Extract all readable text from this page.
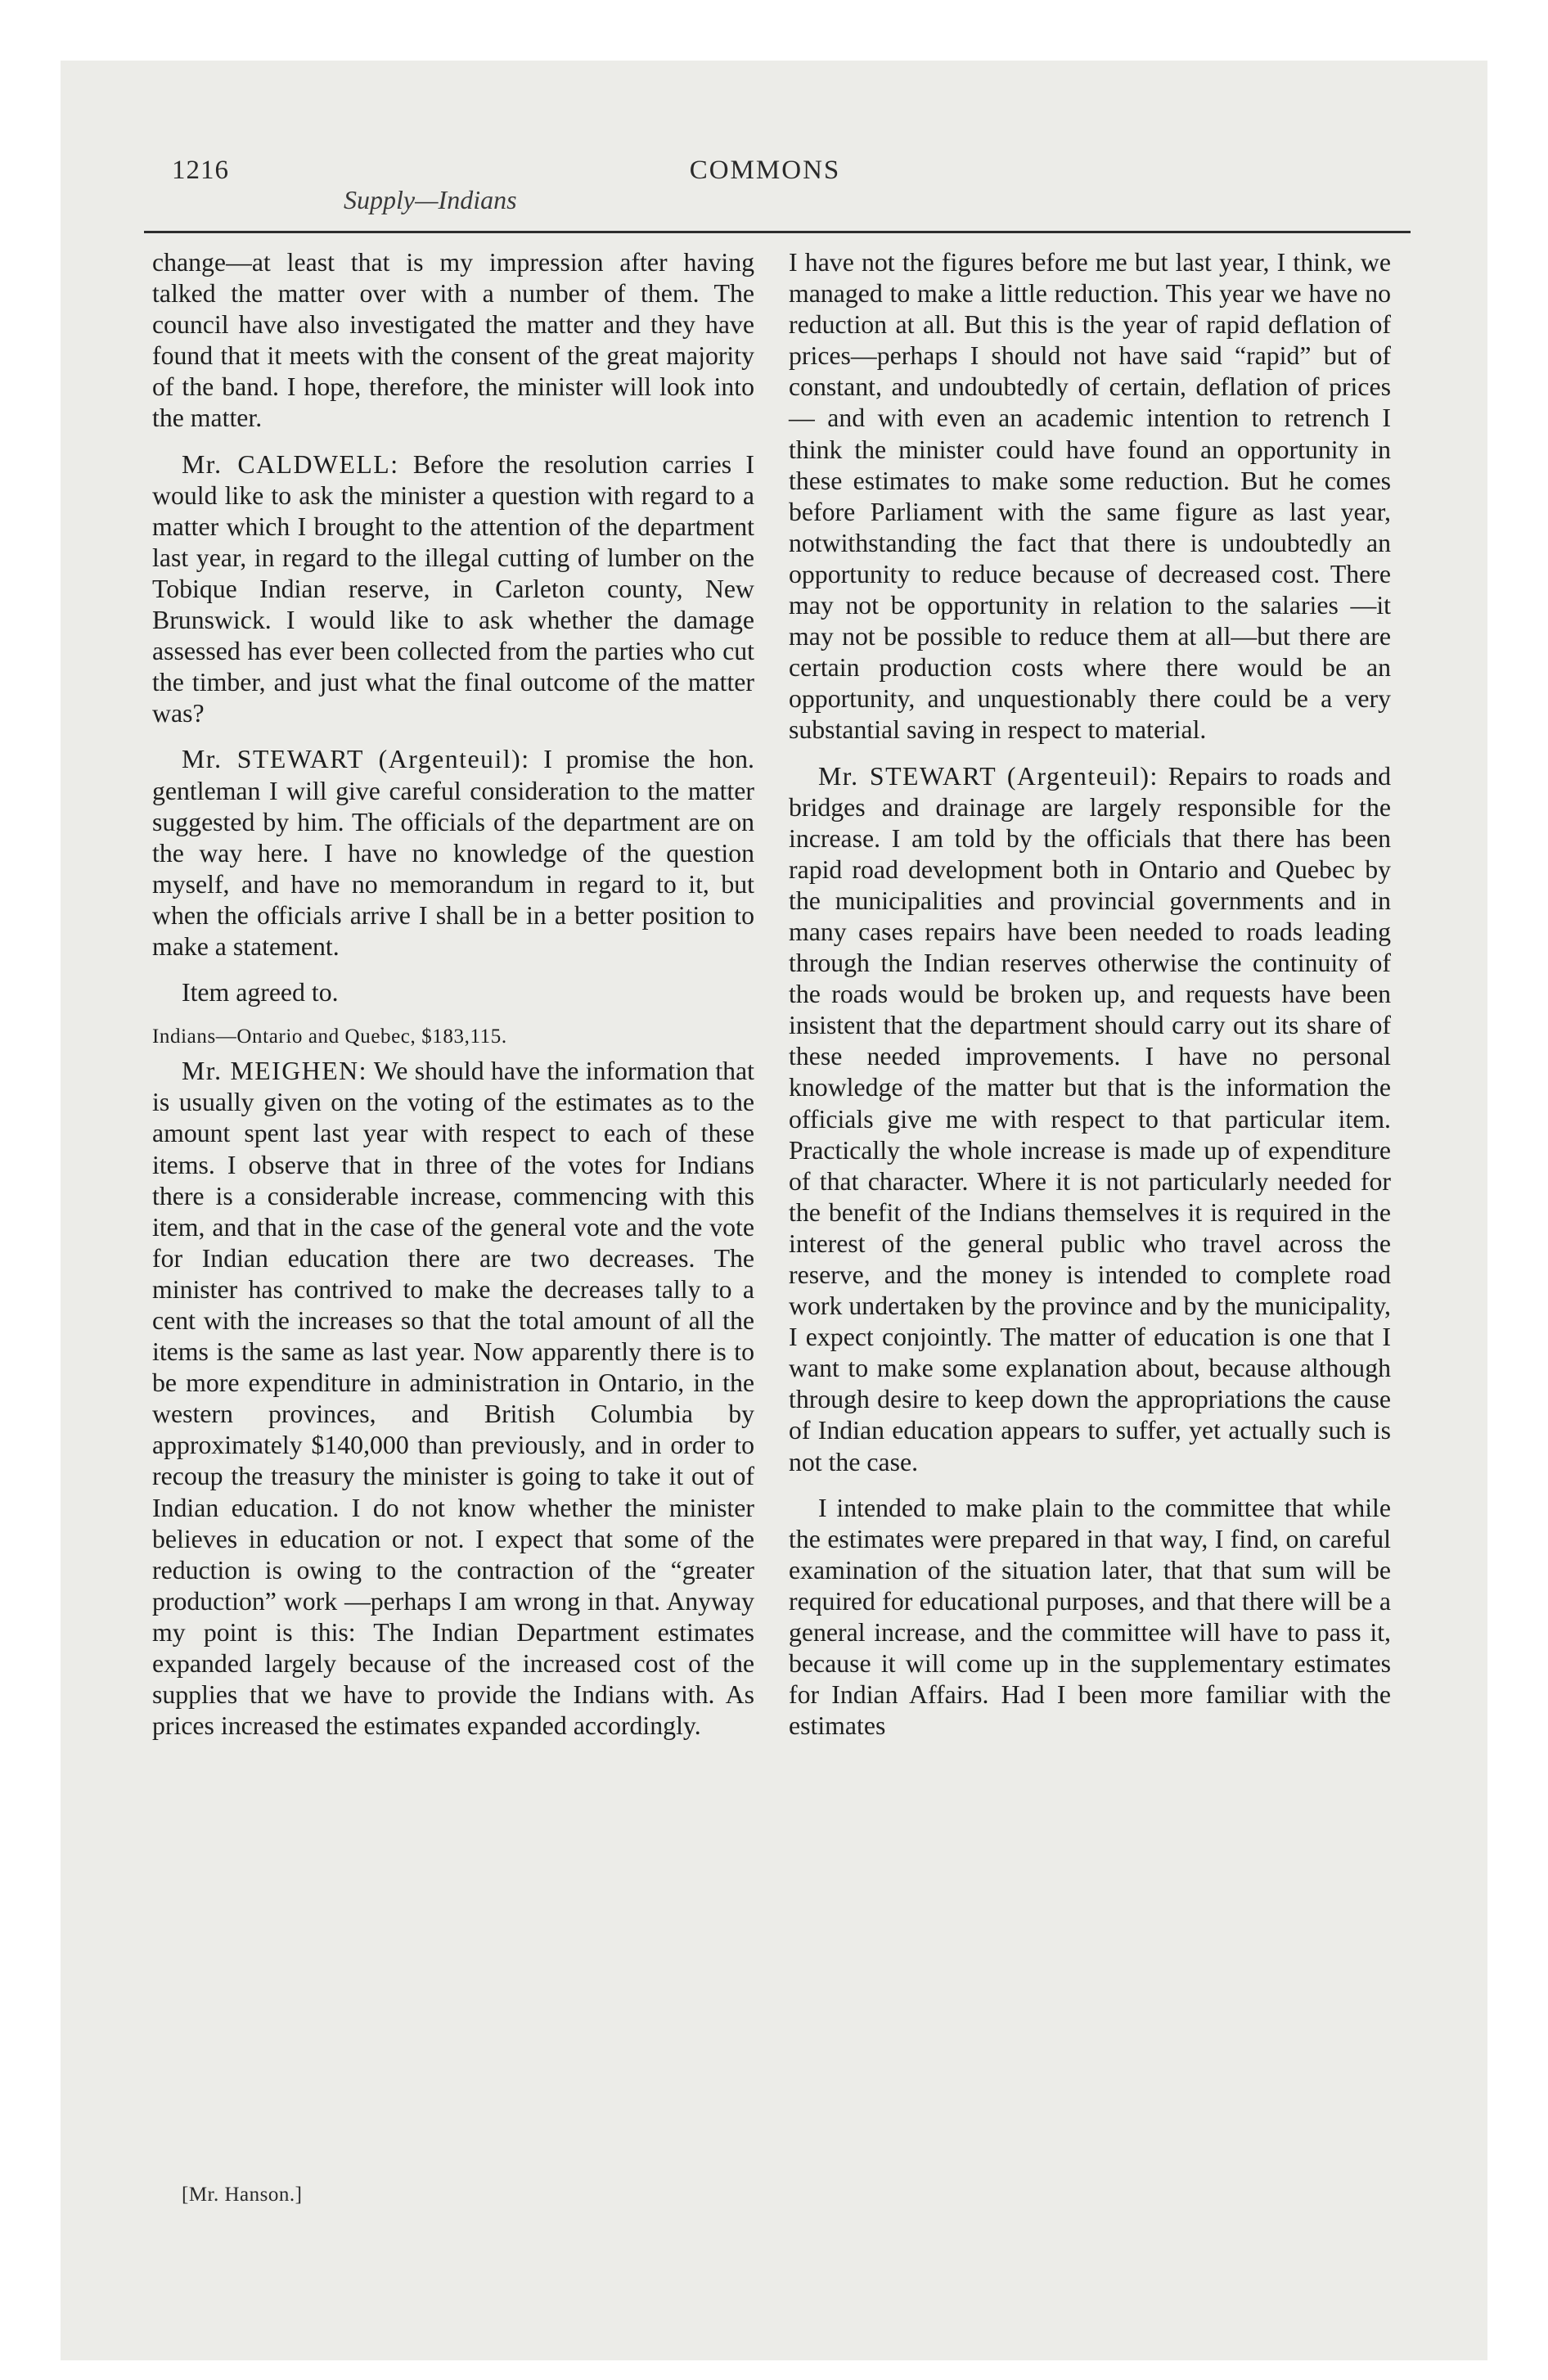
1216	COMMONS
Supply—Indians

change—at least that is my impression after having talked the matter over with a number of them. The council have also investigated the matter and they have found that it meets with the consent of the great majority of the band. I hope, therefore, the minister will look into the matter.

Mr. CALDWELL: Before the resolution carries I would like to ask the minister a question with regard to a matter which I brought to the attention of the department last year, in regard to the illegal cutting of lumber on the Tobique Indian reserve, in Carleton county, New Brunswick. I would like to ask whether the damage assessed has ever been collected from the parties who cut the timber, and just what the final outcome of the matter was?

Mr. STEWART (Argenteuil): I promise the hon. gentleman I will give careful consideration to the matter suggested by him. The officials of the department are on the way here. I have no knowledge of the question myself, and have no memorandum in regard to it, but when the officials arrive I shall be in a better position to make a statement.

Item agreed to.

Indians—Ontario and Quebec, $183,115.

Mr. MEIGHEN: We should have the information that is usually given on the voting of the estimates as to the amount spent last year with respect to each of these items. I observe that in three of the votes for Indians there is a considerable increase, commencing with this item, and that in the case of the general vote and the vote for Indian education there are two decreases. The minister has contrived to make the decreases tally to a cent with the increases so that the total amount of all the items is the same as last year. Now apparently there is to be more expenditure in administration in Ontario, in the western provinces, and British Columbia by approximately $140,000 than previously, and in order to recoup the treasury the minister is going to take it out of Indian education. I do not know whether the minister believes in education or not. I expect that some of the reduction is owing to the contraction of the “greater production” work —perhaps I am wrong in that. Anyway my point is this: The Indian Department estimates expanded largely because of the increased cost of the supplies that we have to provide the Indians with. As prices increased the estimates expanded accordingly.

I have not the figures before me but last year, I think, we managed to make a little reduction. This year we have no reduction at all. But this is the year of rapid deflation of prices—perhaps I should not have said “rapid” but of constant, and undoubtedly of certain, deflation of prices— and with even an academic intention to retrench I think the minister could have found an opportunity in these estimates to make some reduction. But he comes before Parliament with the same figure as last year, notwithstanding the fact that there is undoubtedly an opportunity to reduce because of decreased cost. There may not be opportunity in relation to the salaries —it may not be possible to reduce them at all—but there are certain production costs where there would be an opportunity, and unquestionably there could be a very substantial saving in respect to material.

Mr. STEWART (Argenteuil): Repairs to roads and bridges and drainage are largely responsible for the increase. I am told by the officials that there has been rapid road development both in Ontario and Quebec by the municipalities and provincial governments and in many cases repairs have been needed to roads leading through the Indian reserves otherwise the continuity of the roads would be broken up, and requests have been insistent that the department should carry out its share of these needed improvements. I have no personal knowledge of the matter but that is the information the officials give me with respect to that particular item. Practically the whole increase is made up of expenditure of that character. Where it is not particularly needed for the benefit of the Indians themselves it is required in the interest of the general public who travel across the reserve, and the money is intended to complete road work undertaken by the province and by the municipality, I expect conjointly. The matter of education is one that I want to make some explanation about, because although through desire to keep down the appropriations the cause of Indian education appears to suffer, yet actually such is not the case.

I intended to make plain to the committee that while the estimates were prepared in that way, I find, on careful examination of the situation later, that that sum will be required for educational purposes, and that there will be a general increase, and the committee will have to pass it, because it will come up in the supplementary estimates for Indian Affairs. Had I been more familiar with the estimates

[Mr. Hanson.]
